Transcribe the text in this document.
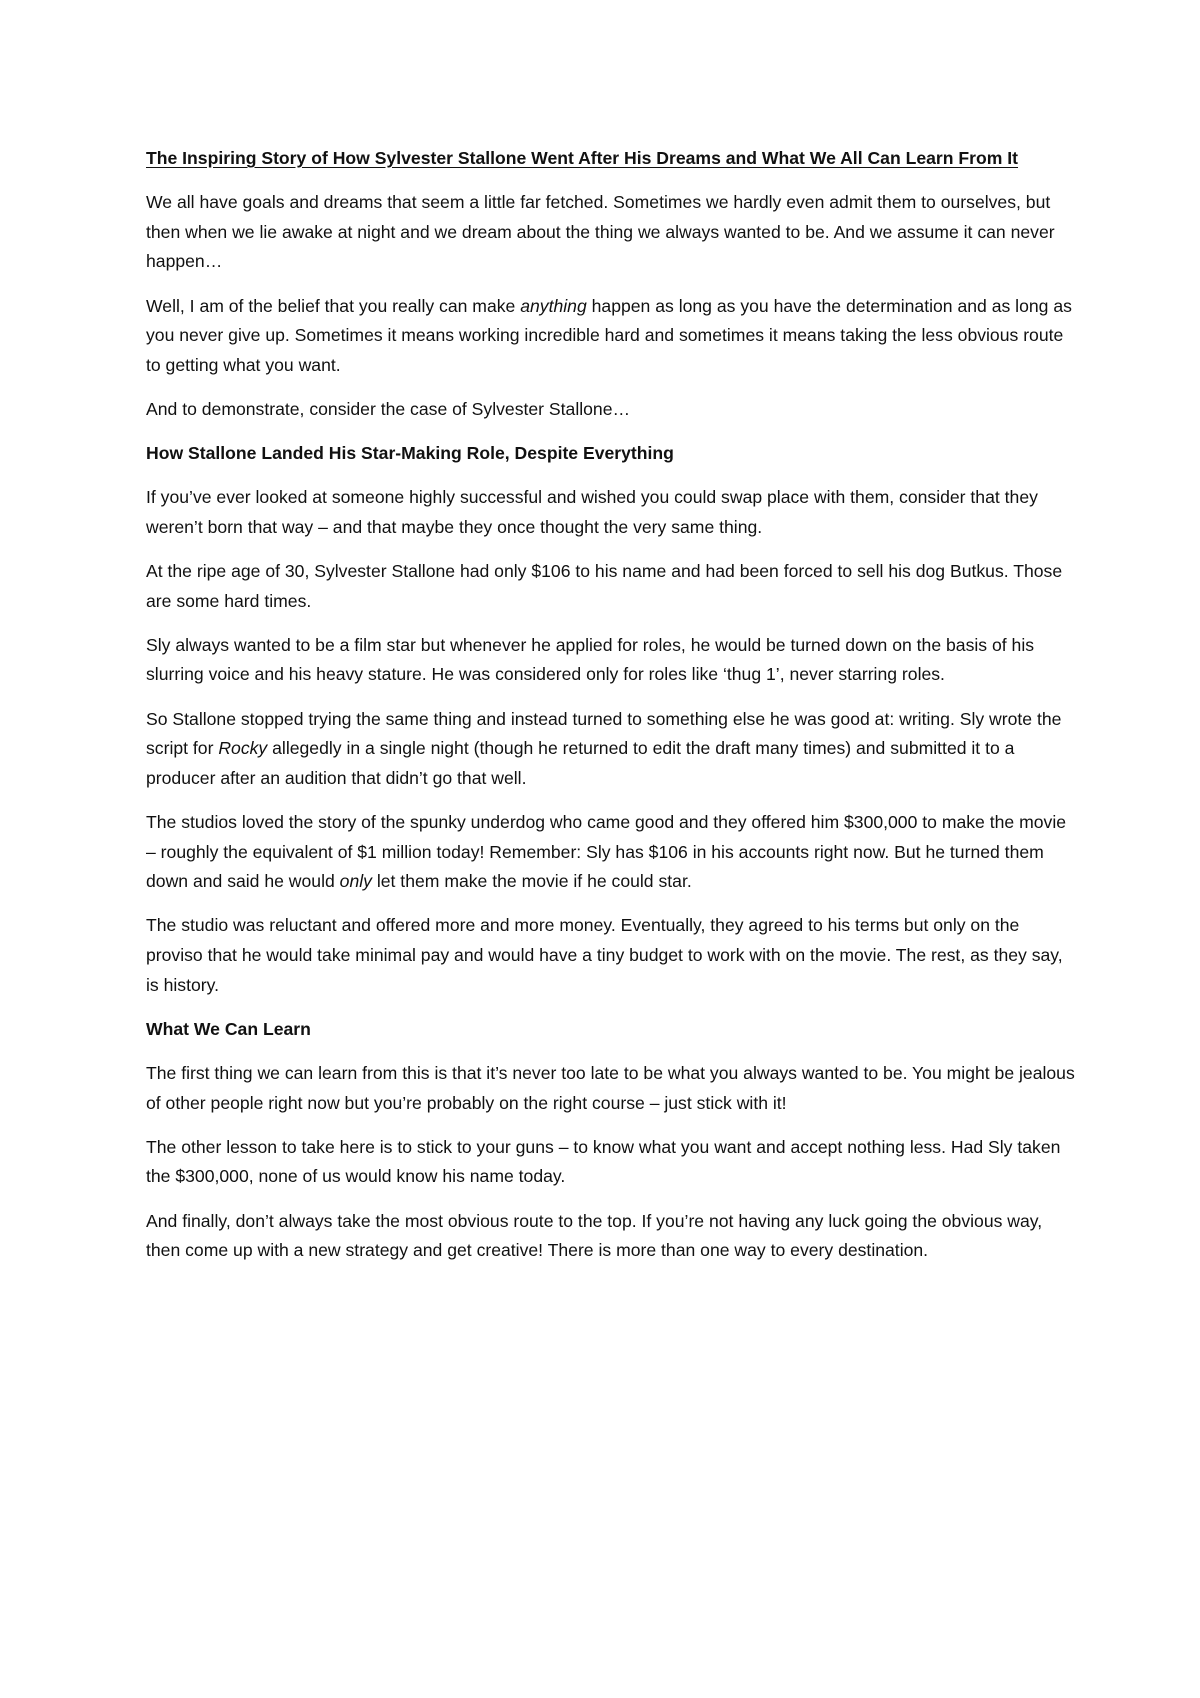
The Inspiring Story of How Sylvester Stallone Went After His Dreams and What We All Can Learn From It

We all have goals and dreams that seem a little far fetched. Sometimes we hardly even admit them to ourselves, but then when we lie awake at night and we dream about the thing we always wanted to be. And we assume it can never happen…

Well, I am of the belief that you really can make anything happen as long as you have the determination and as long as you never give up. Sometimes it means working incredible hard and sometimes it means taking the less obvious route to getting what you want.

And to demonstrate, consider the case of Sylvester Stallone…

How Stallone Landed His Star-Making Role, Despite Everything

If you’ve ever looked at someone highly successful and wished you could swap place with them, consider that they weren’t born that way – and that maybe they once thought the very same thing.

At the ripe age of 30, Sylvester Stallone had only $106 to his name and had been forced to sell his dog Butkus. Those are some hard times.

Sly always wanted to be a film star but whenever he applied for roles, he would be turned down on the basis of his slurring voice and his heavy stature. He was considered only for roles like ‘thug 1’, never starring roles.

So Stallone stopped trying the same thing and instead turned to something else he was good at: writing. Sly wrote the script for Rocky allegedly in a single night (though he returned to edit the draft many times) and submitted it to a producer after an audition that didn’t go that well.

The studios loved the story of the spunky underdog who came good and they offered him $300,000 to make the movie – roughly the equivalent of $1 million today! Remember: Sly has $106 in his accounts right now. But he turned them down and said he would only let them make the movie if he could star.

The studio was reluctant and offered more and more money. Eventually, they agreed to his terms but only on the proviso that he would take minimal pay and would have a tiny budget to work with on the movie. The rest, as they say, is history.

What We Can Learn

The first thing we can learn from this is that it’s never too late to be what you always wanted to be. You might be jealous of other people right now but you’re probably on the right course – just stick with it!

The other lesson to take here is to stick to your guns – to know what you want and accept nothing less. Had Sly taken the $300,000, none of us would know his name today.

And finally, don’t always take the most obvious route to the top. If you’re not having any luck going the obvious way, then come up with a new strategy and get creative! There is more than one way to every destination.
